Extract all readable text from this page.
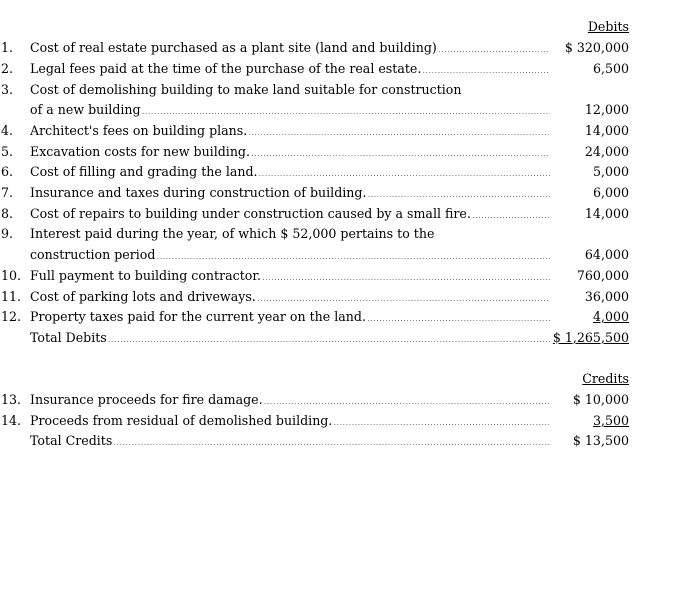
Debits
1. Cost of real estate purchased as a plant site (land and building) . . .	$ 320,000
2. Legal fees paid at the time of the purchase of the real estate. . . .	6,500
3. Cost of demolishing building to make land suitable for construction
of a new building . . .	12,000
4. Architect's fees on building plans. . . .	14,000
5. Excavation costs for new building. . . .	24,000
6. Cost of filling and grading the land. . . .	5,000
7. Insurance and taxes during construction of building. . . .	6,000
8. Cost of repairs to building under construction caused by a small fire. . . .	14,000
9. Interest paid during the year, of which $ 52,000 pertains to the
construction period . . .	64,000
10. Full payment to building contractor. . . .	760,000
11. Cost of parking lots and driveways. . . .	36,000
12. Property taxes paid for the current year on the land. . . .	4,000
Total Debits . . .	$ 1,265,500
Credits
13. Insurance proceeds for fire damage. . . .	$ 10,000
14. Proceeds from residual of demolished building. . . .	3,500
Total Credits . . .	$ 13,500
